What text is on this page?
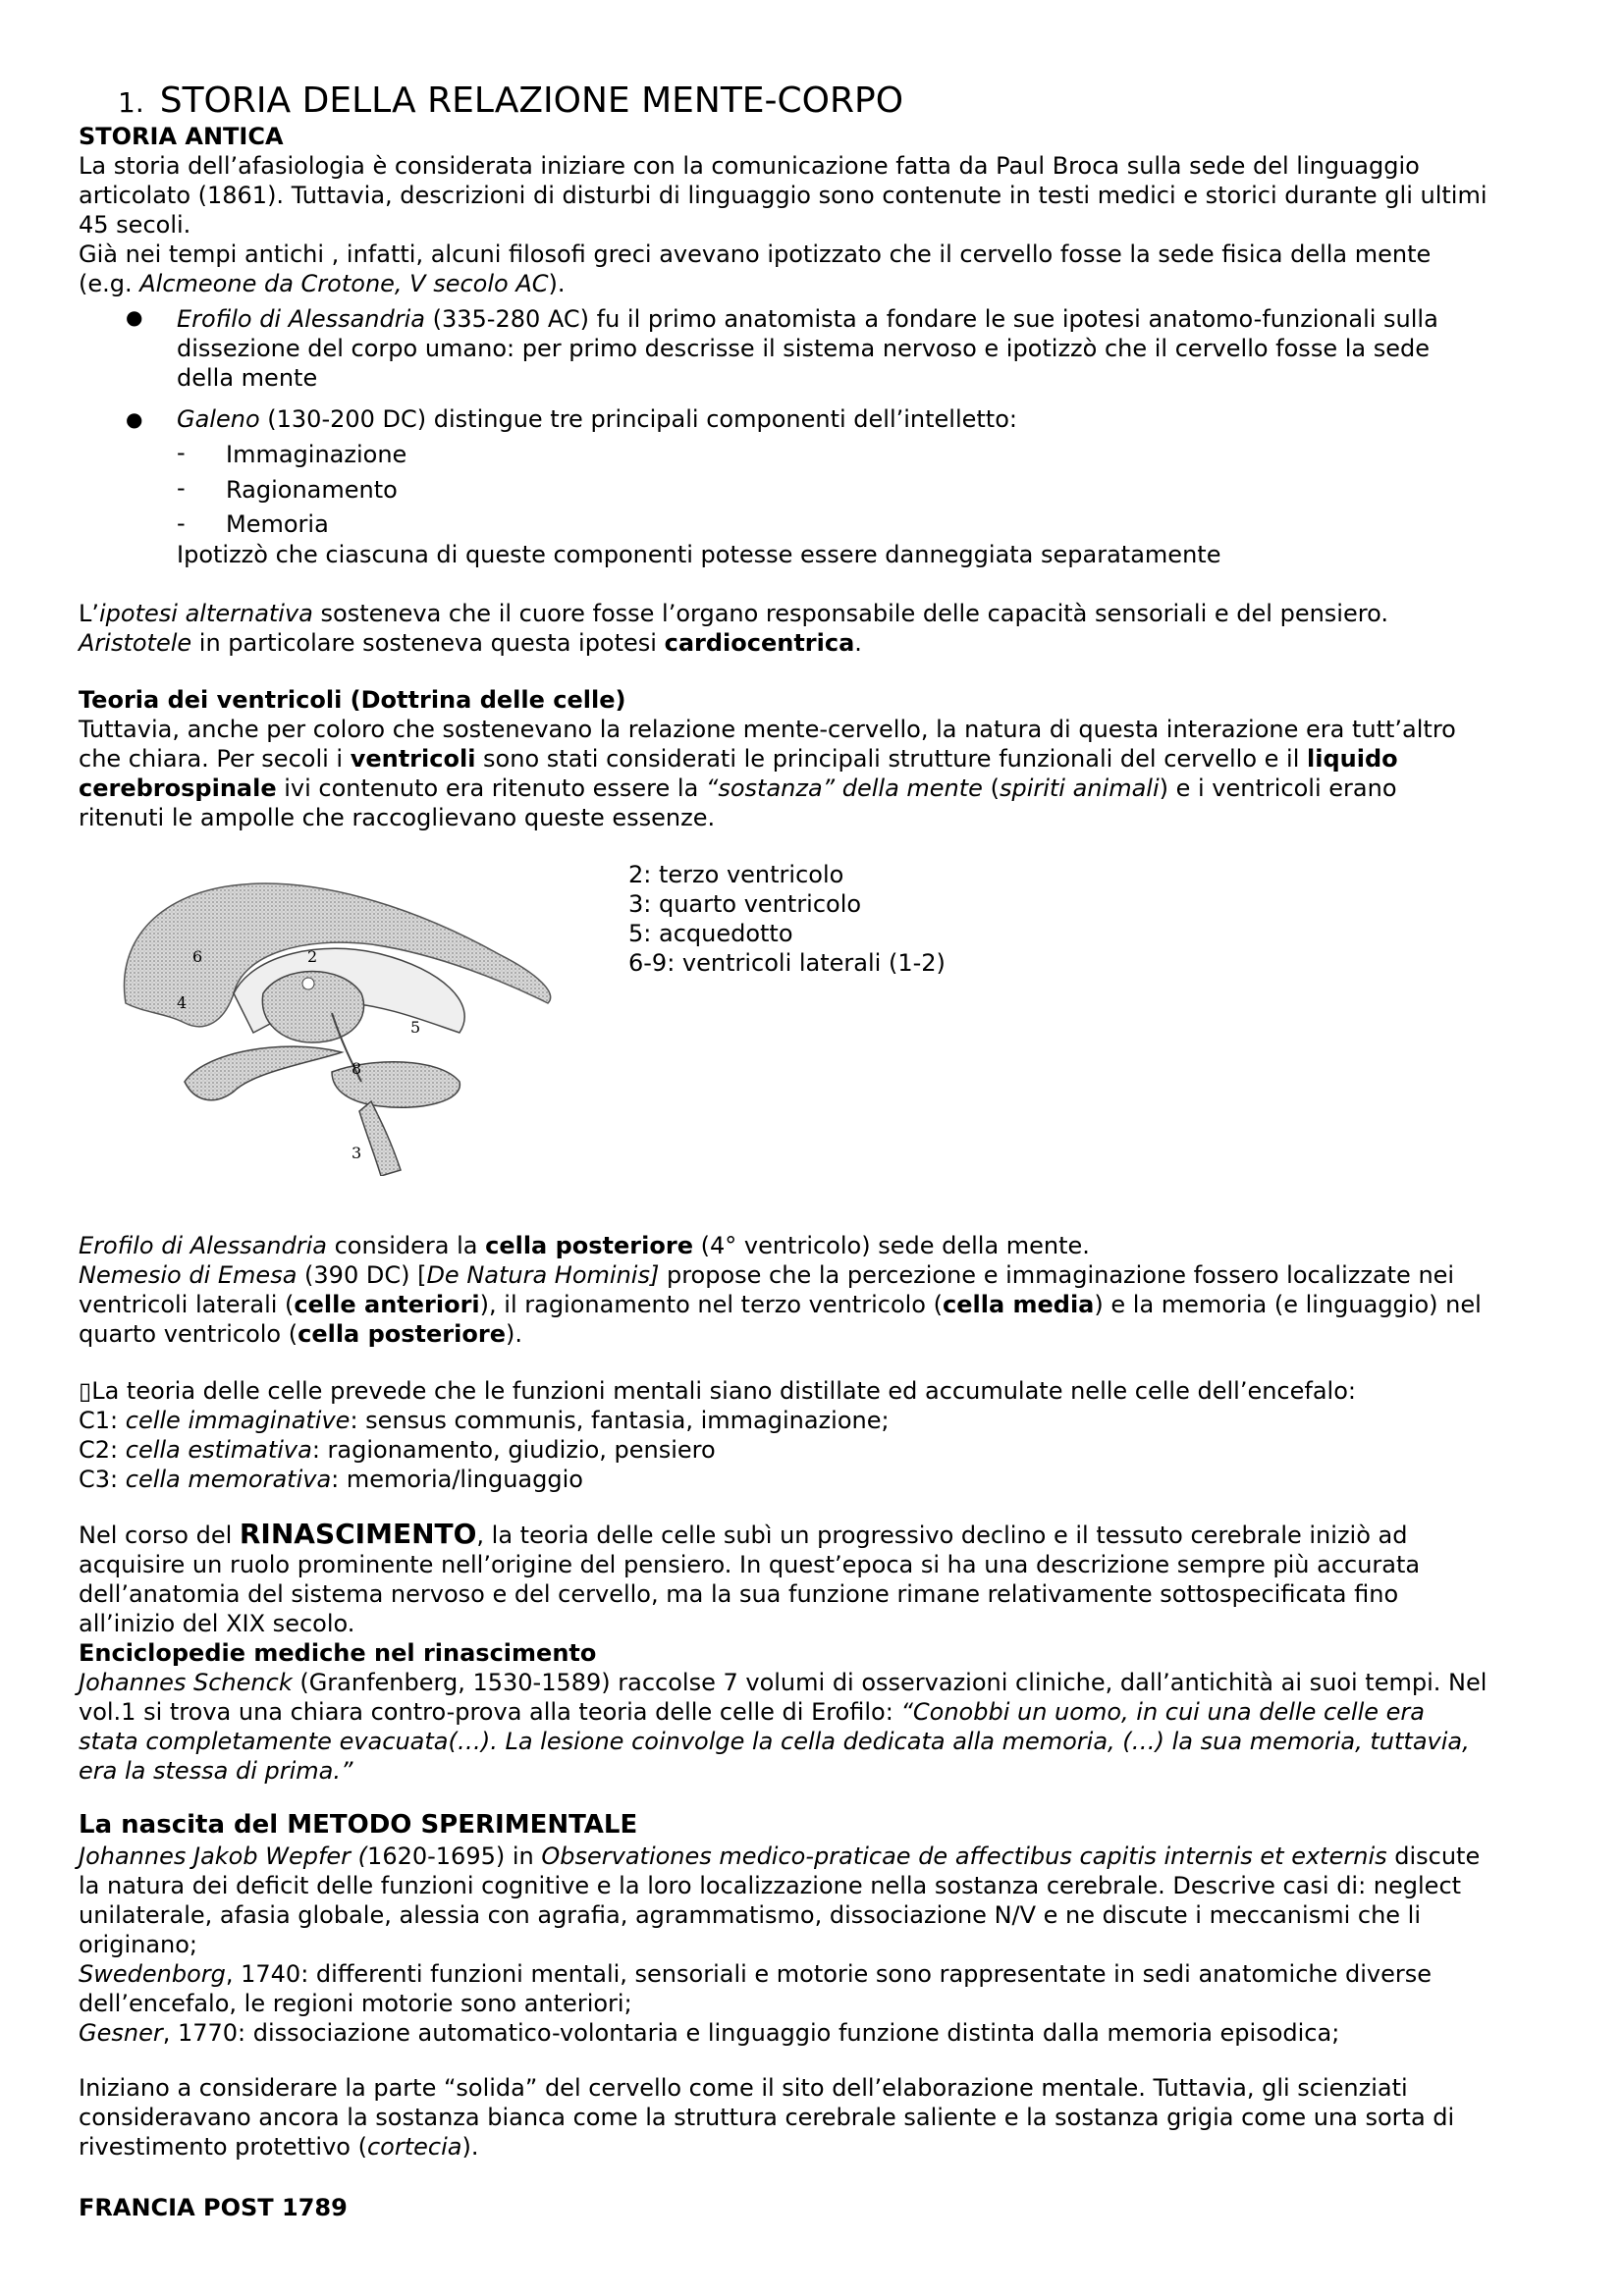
1. STORIA DELLA RELAZIONE MENTE-CORPO
STORIA ANTICA
La storia dell’afasiologia è considerata iniziare con la comunicazione fatta da Paul Broca sulla sede del linguaggio
articolato (1861). Tuttavia, descrizioni di disturbi di linguaggio sono contenute in testi medici e storici durante gli ultimi
45 secoli.
Già nei tempi antichi , infatti, alcuni filosofi greci avevano ipotizzato che il cervello fosse la sede fisica della mente
(e.g. Alcmeone da Crotone, V secolo AC).
● Erofilo di Alessandria (335-280 AC) fu il primo anatomista a fondare le sue ipotesi anatomo-funzionali sulla
dissezione del corpo umano: per primo descrisse il sistema nervoso e ipotizzò che il cervello fosse la sede
della mente
● Galeno (130-200 DC) distingue tre principali componenti dell’intelletto:
- Immaginazione
- Ragionamento
- Memoria
Ipotizzò che ciascuna di queste componenti potesse essere danneggiata separatamente
L’ipotesi alternativa sosteneva che il cuore fosse l’organo responsabile delle capacità sensoriali e del pensiero.
Aristotele in particolare sosteneva questa ipotesi cardiocentrica.
Teoria dei ventricoli (Dottrina delle celle)
Tuttavia, anche per coloro che sostenevano la relazione mente-cervello, la natura di questa interazione era tutt’altro
che chiara. Per secoli i ventricoli sono stati considerati le principali strutture funzionali del cervello e il liquido
cerebrospinale ivi contenuto era ritenuto essere la “sostanza” della mente (spiriti animali) e i ventricoli erano
ritenuti le ampolle che raccoglievano queste essenze.
6	2
4
5
8
3
2: terzo ventricolo
3: quarto ventricolo
5: acquedotto
6-9: ventricoli laterali (1-2)
Erofilo di Alessandria considera la cella posteriore (4° ventricolo) sede della mente.
Nemesio di Emesa (390 DC) [De Natura Hominis] propose che la percezione e immaginazione fossero localizzate nei
ventricoli laterali (celle anteriori), il ragionamento nel terzo ventricolo (cella media) e la memoria (e linguaggio) nel
quarto ventricolo (cella posteriore).
▯La teoria delle celle prevede che le funzioni mentali siano distillate ed accumulate nelle celle dell’encefalo:
C1: celle immaginative: sensus communis, fantasia, immaginazione;
C2: cella estimativa: ragionamento, giudizio, pensiero
C3: cella memorativa: memoria/linguaggio
Nel corso del RINASCIMENTO, la teoria delle celle subì un progressivo declino e il tessuto cerebrale iniziò ad
acquisire un ruolo prominente nell’origine del pensiero. In quest’epoca si ha una descrizione sempre più accurata
dell’anatomia del sistema nervoso e del cervello, ma la sua funzione rimane relativamente sottospecificata fino
all’inizio del XIX secolo.
Enciclopedie mediche nel rinascimento
Johannes Schenck (Granfenberg, 1530-1589) raccolse 7 volumi di osservazioni cliniche, dall’antichità ai suoi tempi. Nel
vol.1 si trova una chiara contro-prova alla teoria delle celle di Erofilo: “Conobbi un uomo, in cui una delle celle era
stata completamente evacuata(…). La lesione coinvolge la cella dedicata alla memoria, (…) la sua memoria, tuttavia,
era la stessa di prima.”
La nascita del METODO SPERIMENTALE
Johannes Jakob Wepfer (1620-1695) in Observationes medico-praticae de affectibus capitis internis et externis discute
la natura dei deficit delle funzioni cognitive e la loro localizzazione nella sostanza cerebrale. Descrive casi di: neglect
unilaterale, afasia globale, alessia con agrafia, agrammatismo, dissociazione N/V e ne discute i meccanismi che li
originano;
Swedenborg, 1740: differenti funzioni mentali, sensoriali e motorie sono rappresentate in sedi anatomiche diverse
dell’encefalo, le regioni motorie sono anteriori;
Gesner, 1770: dissociazione automatico-volontaria e linguaggio funzione distinta dalla memoria episodica;
Iniziano a considerare la parte “solida” del cervello come il sito dell’elaborazione mentale. Tuttavia, gli scienziati
consideravano ancora la sostanza bianca come la struttura cerebrale saliente e la sostanza grigia come una sorta di
rivestimento protettivo (cortecia).
FRANCIA POST 1789
